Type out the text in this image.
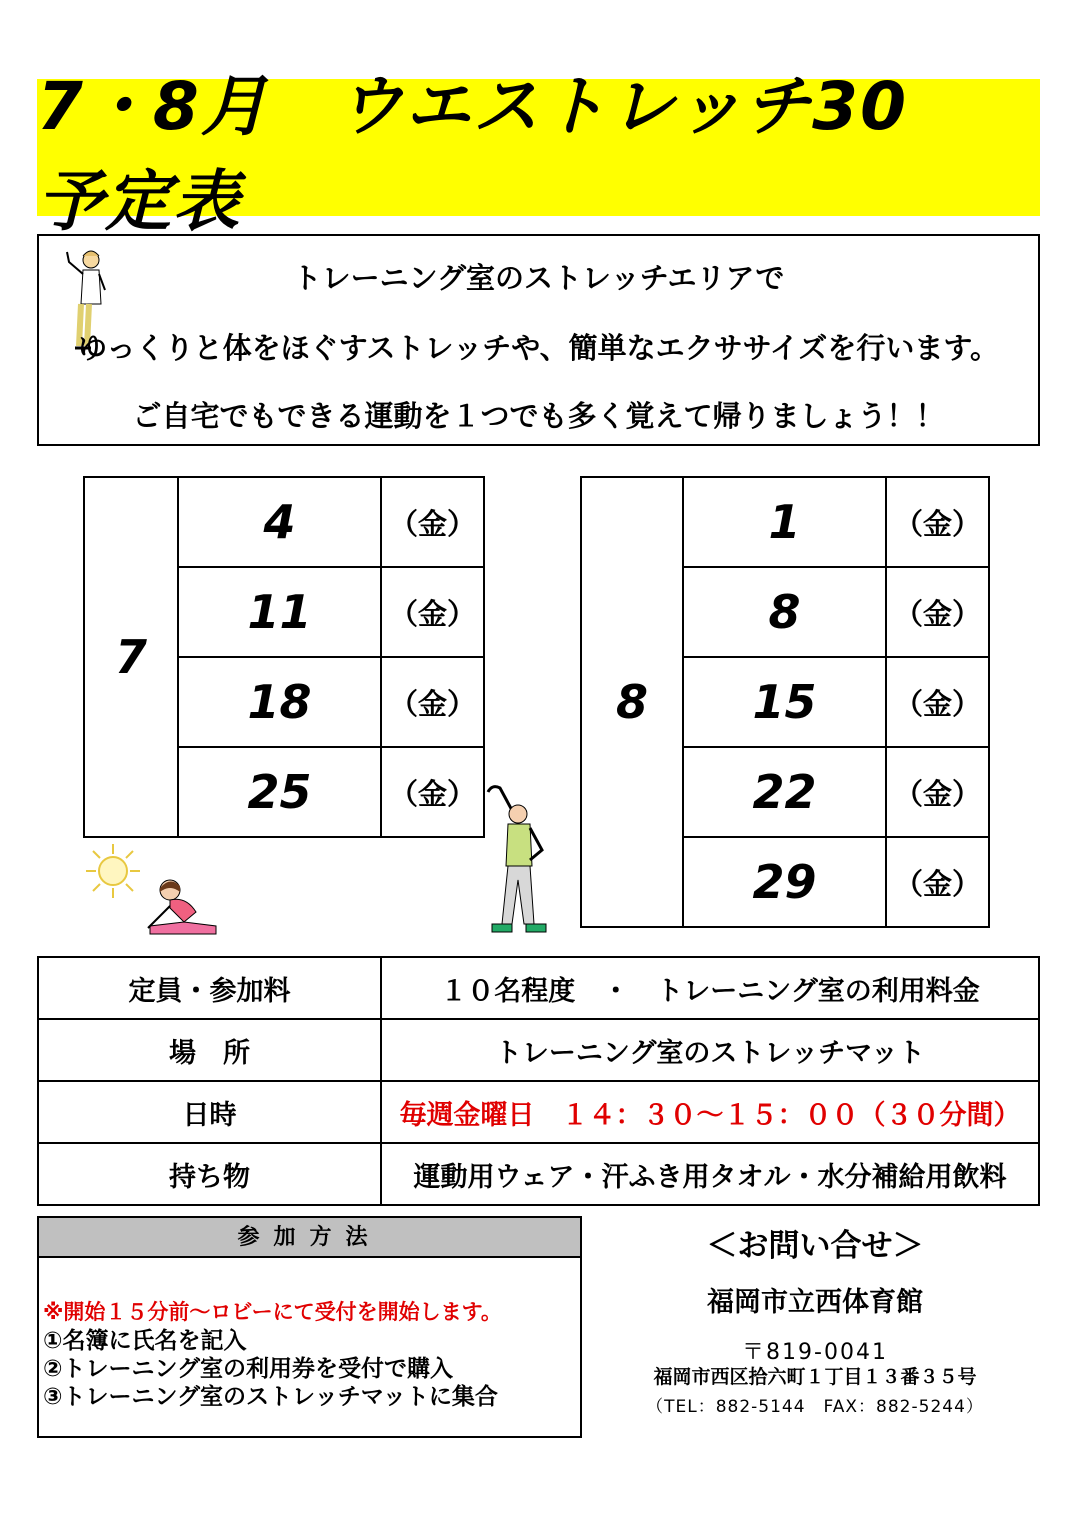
7・8月　ウエストレッチ30　予定表
トレーニング室のストレッチエリアで
ゆっくりと体をほぐすストレッチや、簡単なエクササイズを行います。
ご自宅でもできる運動を１つでも多く覚えて帰りましょう！！
7	4	（金）
	11	（金）
	18	（金）
	25	（金）
8	1	（金）
	8	（金）
	15	（金）
	22	（金）
	29	（金）
定員・参加料	１０名程度　・　トレーニング室の利用料金
場　所	トレーニング室のストレッチマット
日時	毎週金曜日　１４：３０～１５：００（３０分間）
持ち物	運動用ウェア・汗ふき用タオル・水分補給用飲料
参加方法
※開始１５分前～ロビーにて受付を開始します。
①名簿に氏名を記入
②トレーニング室の利用券を受付で購入
③トレーニング室のストレッチマットに集合
＜お問い合せ＞
福岡市立西体育館
〒819-0041
福岡市西区拾六町１丁目１３番３５号
（TEL：882-5144　FAX：882-5244）
